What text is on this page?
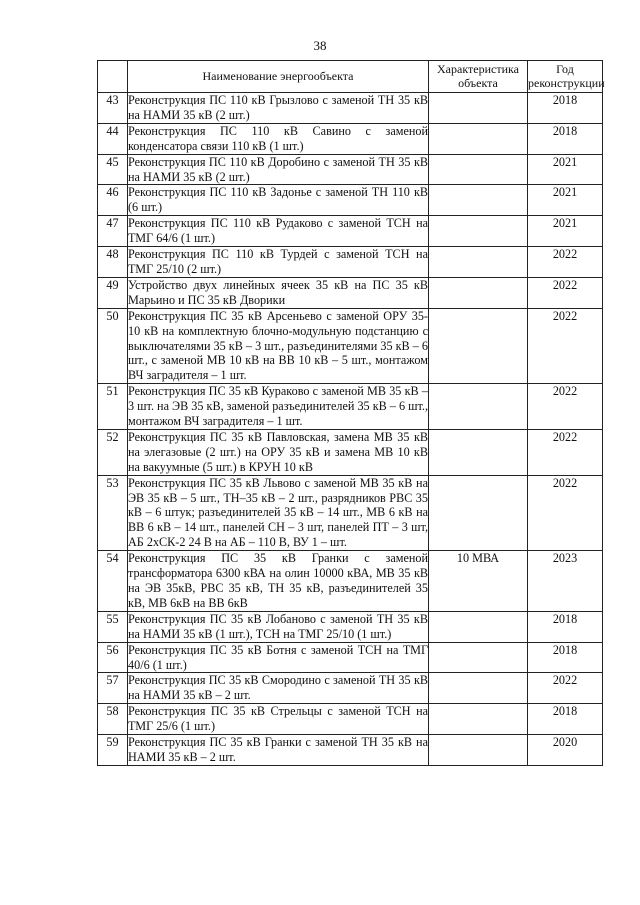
38
	Наименование энергообъекта	Характеристика объекта	Год реконструкции
43	Реконструкция ПС 110 кВ Грызлово с заменой ТН 35 кВ на НАМИ 35 кВ (2 шт.)		2018
44	Реконструкция ПС 110 кВ Савино с заменой конденсатора связи 110 кВ (1 шт.)		2018
45	Реконструкция ПС 110 кВ Доробино с заменой ТН 35 кВ на НАМИ 35 кВ (2 шт.)		2021
46	Реконструкция ПС 110 кВ Задонье с заменой ТН 110 кВ (6 шт.)		2021
47	Реконструкция ПС 110 кВ Рудаково с заменой ТСН на ТМГ 64/6 (1 шт.)		2021
48	Реконструкция ПС 110 кВ Турдей с заменой ТСН на ТМГ 25/10 (2 шт.)		2022
49	Устройство двух линейных ячеек 35 кВ на ПС 35 кВ Марьино и ПС 35 кВ Дворики		2022
50	Реконструкция ПС 35 кВ Арсеньево с заменой ОРУ 35-10 кВ на комплектную блочно-модульную подстанцию с выключателями 35 кВ – 3 шт., разъединителями 35 кВ – 6 шт., с заменой МВ 10 кВ на ВВ 10 кВ – 5 шт., монтажом ВЧ заградителя – 1 шт.		2022
51	Реконструкция ПС 35 кВ Кураково с заменой МВ 35 кВ – 3 шт. на ЭВ 35 кВ, заменой разъединителей 35 кВ – 6 шт., монтажом ВЧ заградителя – 1 шт.		2022
52	Реконструкция ПС 35 кВ Павловская, замена МВ 35 кВ на элегазовые (2 шт.) на ОРУ 35 кВ и замена МВ 10 кВ на вакуумные (5 шт.) в КРУН 10 кВ		2022
53	Реконструкция ПС 35 кВ Львово с заменой МВ 35 кВ на ЭВ 35 кВ – 5 шт., ТН–35 кВ – 2 шт., разрядников РВС 35 кВ – 6 штук; разъединителей 35 кВ – 14 шт., МВ 6 кВ на ВВ 6 кВ – 14 шт., панелей СН – 3 шт, панелей ПТ – 3 шт, АБ 2хСК-2 24 В на АБ – 110 В, ВУ 1 – шт.		2022
54	Реконструкция ПС 35 кВ Гранки с заменой трансформатора 6300 кВА на олин 10000 кВА, МВ 35 кВ на ЭВ 35кВ, РВС 35 кВ, ТН 35 кВ, разъединителей 35 кВ, МВ 6кВ на ВВ 6кВ	10 МВА	2023
55	Реконструкция ПС 35 кВ Лобаново с заменой ТН 35 кВ на НАМИ 35 кВ (1 шт.), ТСН на ТМГ 25/10 (1 шт.)		2018
56	Реконструкция ПС 35 кВ Ботня с заменой ТСН на ТМГ 40/6 (1 шт.)		2018
57	Реконструкция ПС 35 кВ Смородино с заменой ТН 35 кВ на НАМИ 35 кВ – 2 шт.		2022
58	Реконструкция ПС 35 кВ Стрельцы с заменой ТСН на ТМГ 25/6 (1 шт.)		2018
59	Реконструкция ПС 35 кВ Гранки с заменой ТН 35 кВ на НАМИ 35 кВ – 2 шт.		2020
